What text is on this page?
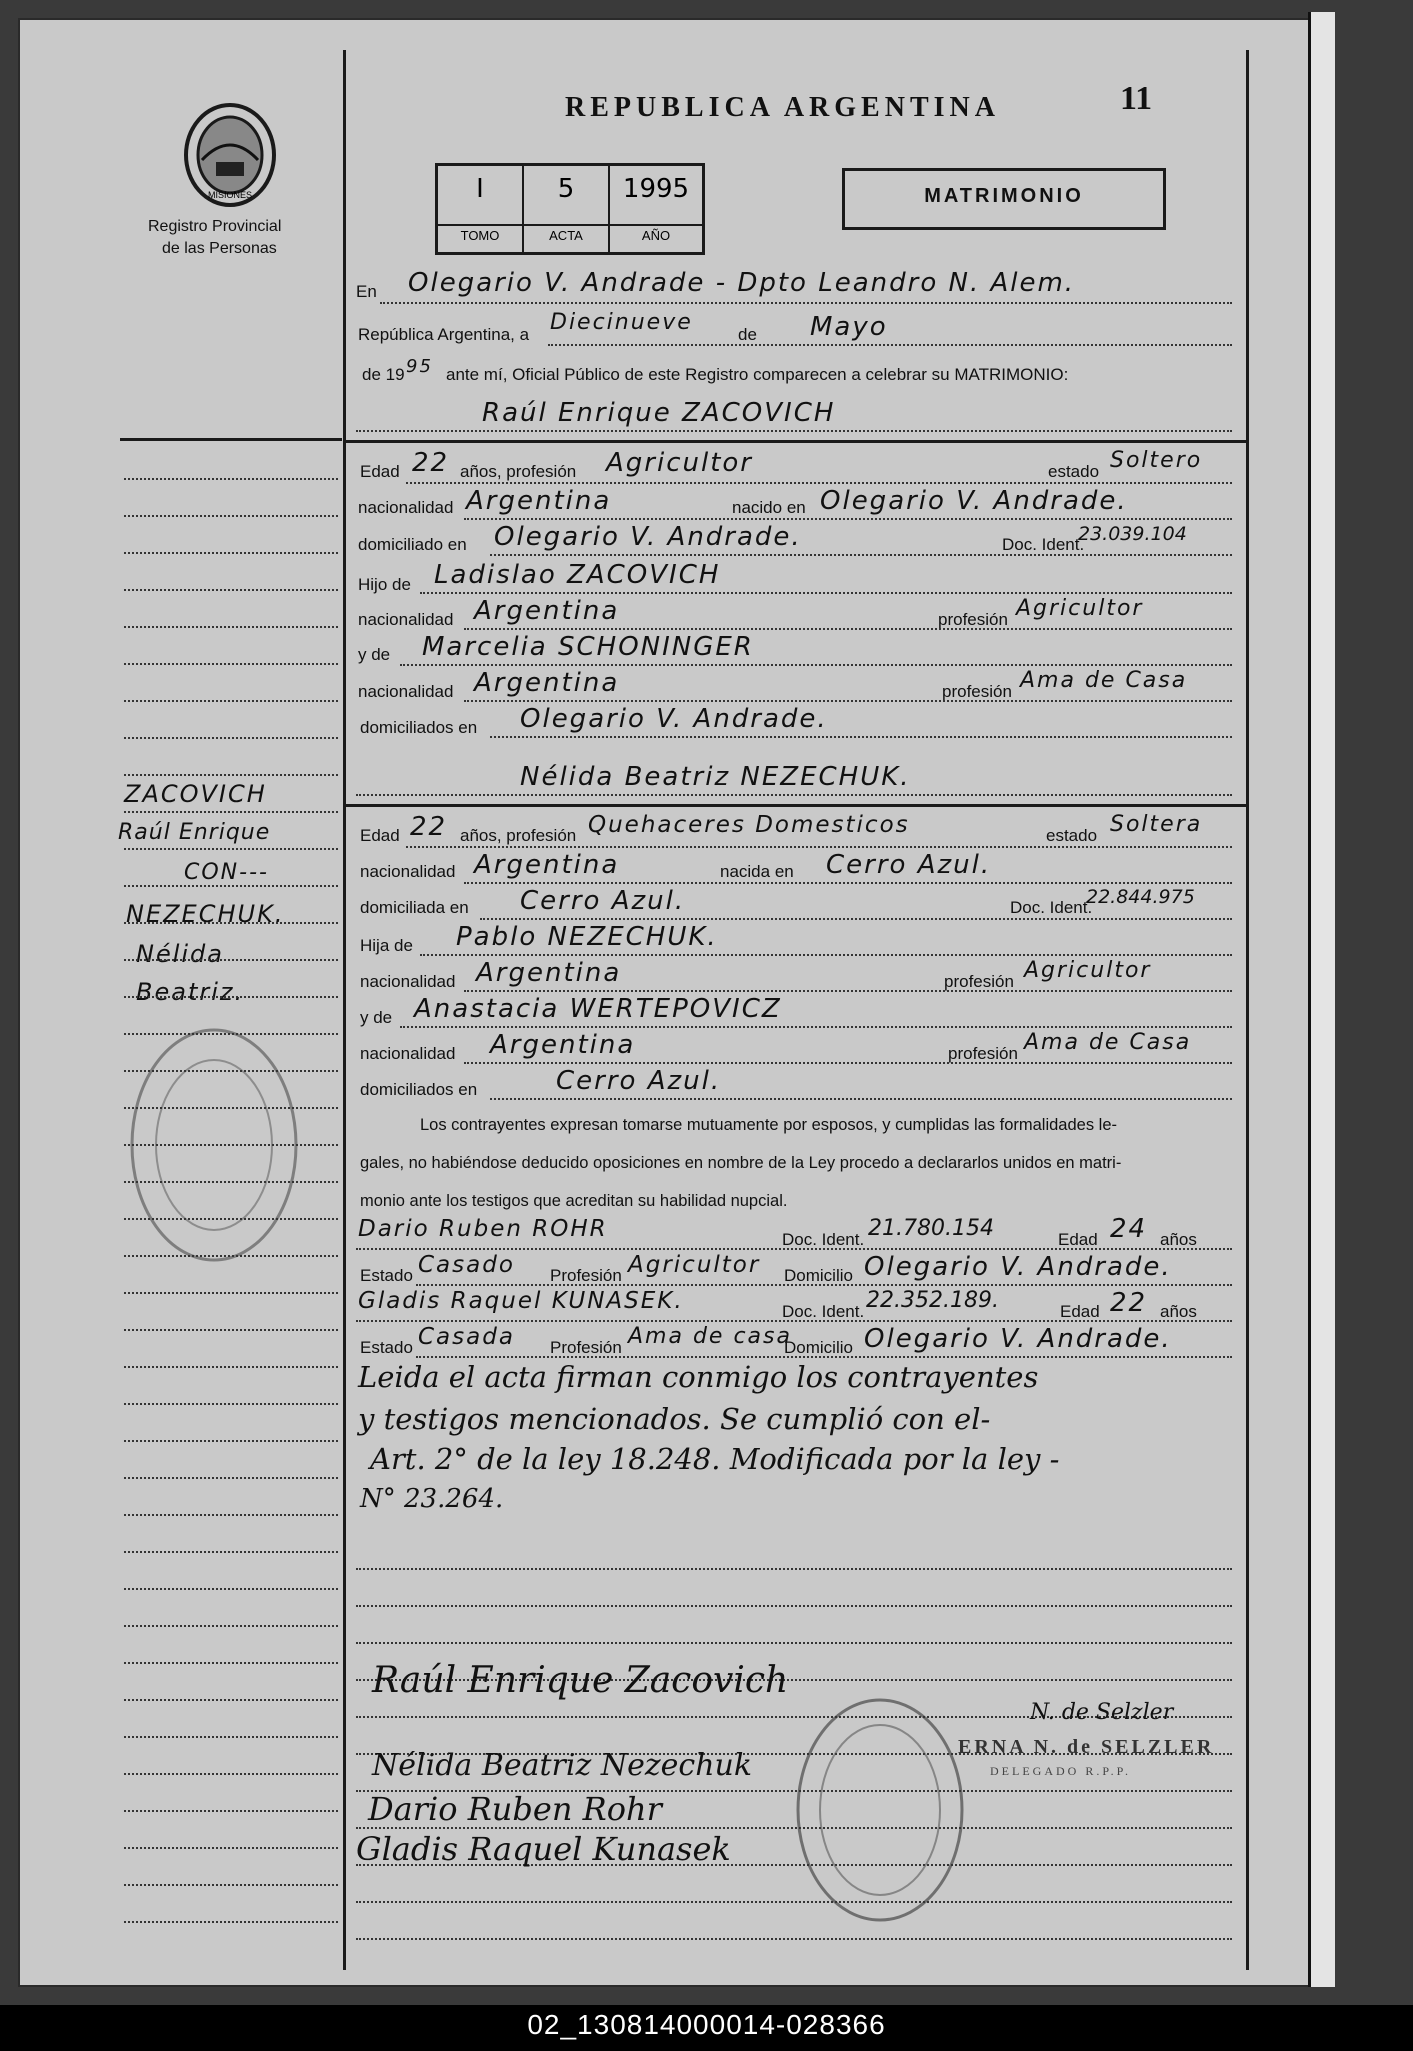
MISIONES
Registro Provincial
de las Personas
REPUBLICA ARGENTINA	11
I
TOMO
5
ACTA
1995
AÑO
MATRIMONIO
En Olegario V. Andrade - Dpto Leandro N. Alem.
República Argentina, a Diecinueve	de Mayo
de 19 95 ante mí, Oficial Público de este Registro comparecen a celebrar su MATRIMONIO:
Raúl Enrique ZACOVICH
Edad 22 años, profesión Agricultor	estado Soltero
nacionalidad Argentina	nacido en Olegario V. Andrade.
domiciliado en Olegario V. Andrade.	Doc. Ident.
23.039.104
Hijo de Ladislao ZACOVICH
nacionalidad Argentina	profesión Agricultor
y de Marcelia SCHONINGER
nacionalidad Argentina	profesión Ama de Casa
domiciliados en Olegario V. Andrade.
Nélida Beatriz NEZECHUK.
Edad 22 años, profesión Quehaceres Domesticos	estado Soltera
nacionalidad Argentina	nacida en Cerro Azul.
domiciliada en Cerro Azul.	Doc. Ident.
22.844.975
Hija de Pablo NEZECHUK.
nacionalidad Argentina	profesión Agricultor
y de Anastacia WERTEPOVICZ
nacionalidad Argentina	profesión Ama de Casa
domiciliados en	Cerro Azul.
Los contrayentes expresan tomarse mutuamente por esposos, y cumplidas las formalidades le-
gales, no habiéndose deducido oposiciones en nombre de la Ley procedo a declararlos unidos en matri-
monio ante los testigos que acreditan su habilidad nupcial.
Dario Ruben ROHR	Doc. Ident. 21.780.154	Edad 24 años
Estado Casado Profesión Agricultor Domicilio Olegario V. Andrade.
Gladis Raquel KUNASEK.	Doc. Ident. 22.352.189.	Edad 22 años
Estado Casada Profesión Ama de casa
Domicilio Olegario V. Andrade.
Leida el acta firman conmigo los contrayentes
y testigos mencionados. Se cumplió con el-
Art. 2° de la ley 18.248. Modificada por la ley -
N° 23.264.
Raúl Enrique Zacovich
Nélida Beatriz Nezechuk
Dario Ruben Rohr
Gladis Raquel Kunasek
N. de Selzler
ERNA N. de SELZLER
DELEGADO R.P.P.
ZACOVICH
Raúl Enrique
CON---
NEZECHUK.
Nélida
Beatriz.
02_130814000014-028366
